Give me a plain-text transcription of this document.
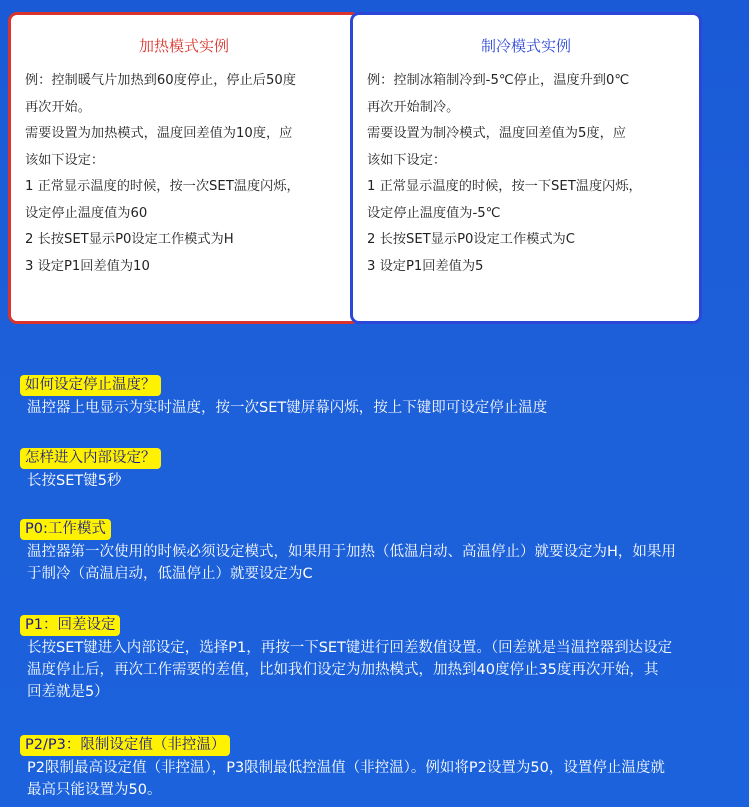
加热模式实例

例：控制暖气片加热到60度停止，停止后50度

再次开始。

需要设置为加热模式，温度回差值为10度，应

该如下设定：

1 正常显示温度的时候，按一次SET温度闪烁，

设定停止温度值为60

2 长按SET显示P0设定工作模式为H

3 设定P1回差值为10

制冷模式实例

例：控制冰箱制冷到-5℃停止，温度升到0℃

再次开始制冷。

需要设置为制冷模式，温度回差值为5度，应

该如下设定：

1 正常显示温度的时候，按一下SET温度闪烁，

设定停止温度值为-5℃

2 长按SET显示P0设定工作模式为C

3 设定P1回差值为5

如何设定停止温度？
温控器上电显示为实时温度，按一次SET键屏幕闪烁，按上下键即可设定停止温度
怎样进入内部设定？
长按SET键5秒
P0:工作模式
温控器第一次使用的时候必须设定模式，如果用于加热（低温启动、高温停止）就要设定为H，如果用
于制冷（高温启动，低温停止）就要设定为C
P1：回差设定
长按SET键进入内部设定，选择P1，再按一下SET键进行回差数值设置。（回差就是当温控器到达设定
温度停止后，再次工作需要的差值，比如我们设定为加热模式，加热到40度停止35度再次开始，其
回差就是5）
P2/P3：限制设定值（非控温）
P2限制最高设定值（非控温），P3限制最低控温值（非控温）。例如将P2设置为50，设置停止温度就
最高只能设置为50。
